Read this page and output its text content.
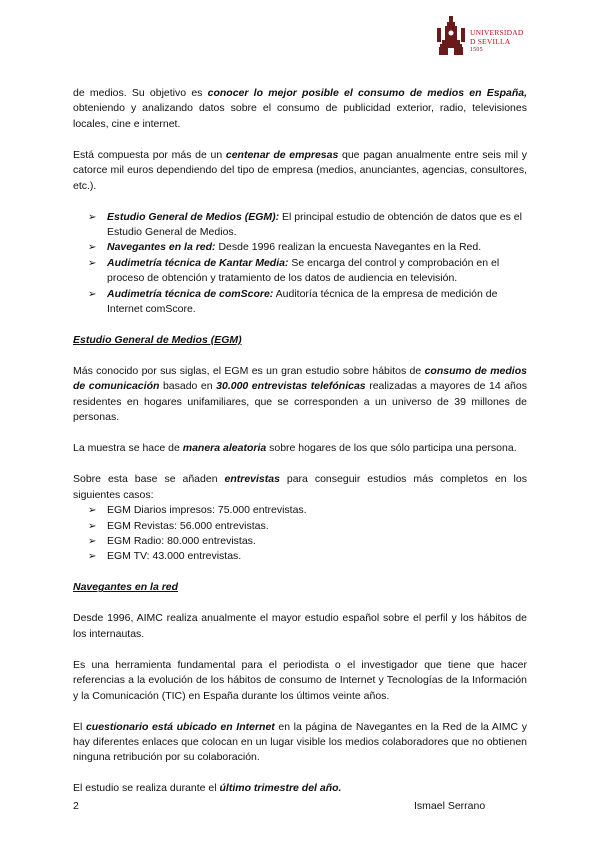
UNIVERSIDAD
D SEVILLA
1505

de medios. Su objetivo es conocer lo mejor posible el consumo de medios en España, obteniendo y analizando datos sobre el consumo de publicidad exterior, radio, televisiones locales, cine e internet.

Está compuesta por más de un centenar de empresas que pagan anualmente entre seis mil y catorce mil euros dependiendo del tipo de empresa (medios, anunciantes, agencias, consultores, etc.).

➢ Estudio General de Medios (EGM): El principal estudio de obtención de datos que es el Estudio General de Medios.
➢ Navegantes en la red: Desde 1996 realizan la encuesta Navegantes en la Red.
➢ Audimetría técnica de Kantar Media: Se encarga del control y comprobación en el proceso de obtención y tratamiento de los datos de audiencia en televisión.
➢ Audimetría técnica de comScore: Auditoría técnica de la empresa de medición de Internet comScore.
Estudio General de Medios (EGM)

Más conocido por sus siglas, el EGM es un gran estudio sobre hábitos de consumo de medios de comunicación basado en 30.000 entrevistas telefónicas realizadas a mayores de 14 años residentes en hogares unifamiliares, que se corresponden a un universo de 39 millones de personas.

La muestra se hace de manera aleatoria sobre hogares de los que sólo participa una persona.

Sobre esta base se añaden entrevistas para conseguir estudios más completos en los siguientes casos:

➢ EGM Diarios impresos: 75.000 entrevistas.
➢ EGM Revistas: 56.000 entrevistas.
➢ EGM Radio: 80.000 entrevistas.
➢ EGM TV: 43.000 entrevistas.
Navegantes en la red

Desde 1996, AIMC realiza anualmente el mayor estudio español sobre el perfil y los hábitos de los internautas.

Es una herramienta fundamental para el periodista o el investigador que tiene que hacer referencias a la evolución de los hábitos de consumo de Internet y Tecnologías de la Información y la Comunicación (TIC) en España durante los últimos veinte años.

El cuestionario está ubicado en Internet en la página de Navegantes en la Red de la AIMC y hay diferentes enlaces que colocan en un lugar visible los medios colaboradores que no obtienen ninguna retribución por su colaboración.

El estudio se realiza durante el último trimestre del año.

2	Ismael Serrano
